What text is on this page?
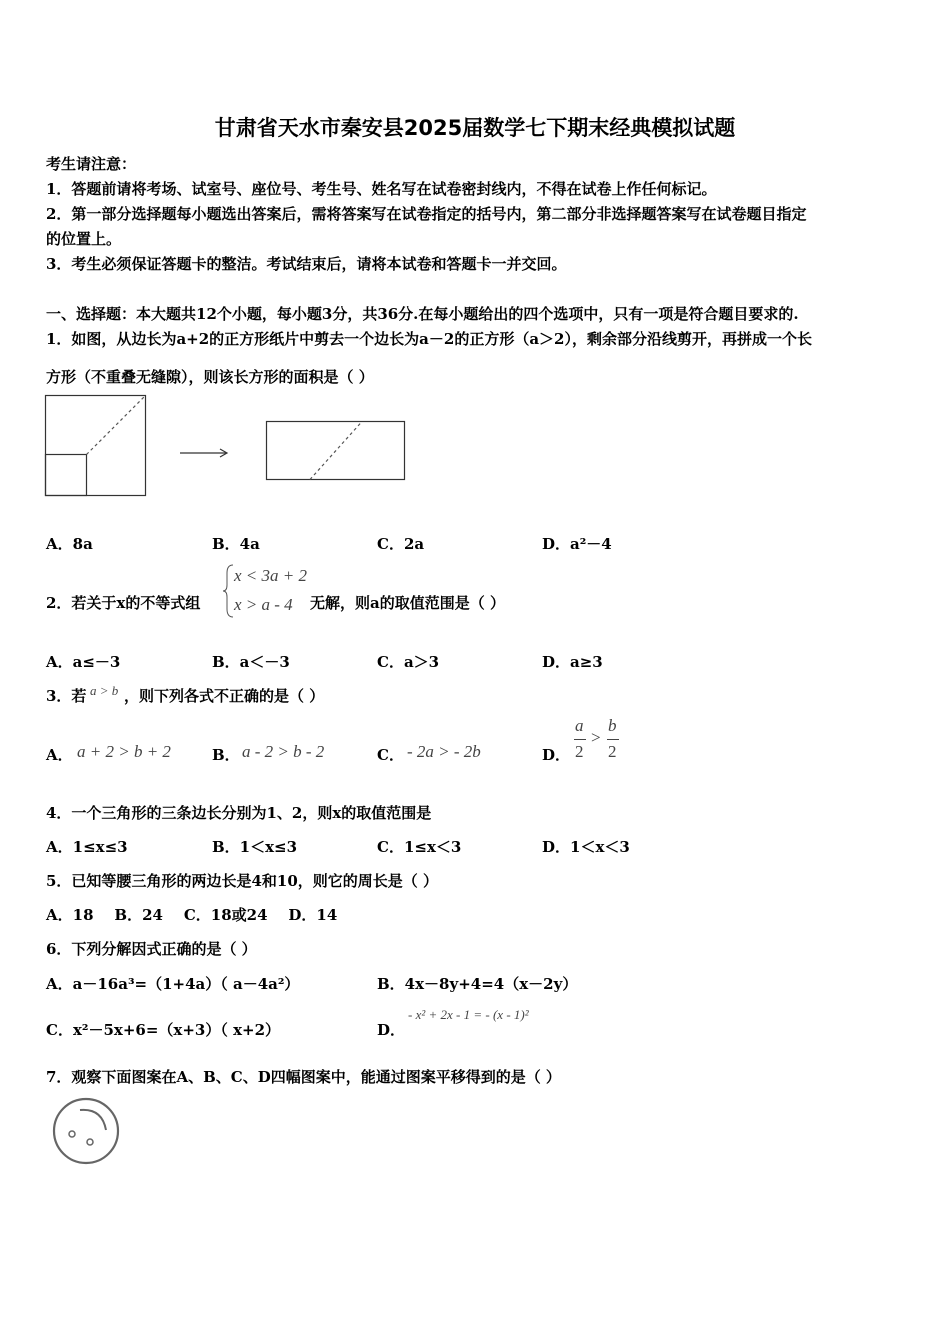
甘肃省天水市秦安县2025届数学七下期末经典模拟试题
考生请注意：
1．答题前请将考场、试室号、座位号、考生号、姓名写在试卷密封线内，不得在试卷上作任何标记。
2．第一部分选择题每小题选出答案后，需将答案写在试卷指定的括号内，第二部分非选择题答案写在试卷题目指定
的位置上。
3．考生必须保证答题卡的整洁。考试结束后，请将本试卷和答题卡一并交回。
一、选择题：本大题共12个小题，每小题3分，共36分.在每小题给出的四个选项中，只有一项是符合题目要求的.
1．如图，从边长为a+2的正方形纸片中剪去一个边长为a－2的正方形（a＞2），剩余部分沿线剪开，再拼成一个长
方形（不重叠无缝隙），则该长方形的面积是（ ）
A．8a	B．4a	C．2a	D．a²－4
2．若关于x的不等式组
x < 3a + 2
x > a - 4 无解，则a的取值范围是（ ）
A．a≤－3	B．a＜－3	C．a＞3	D．a≥3
3．若 a > b ，则下列各式不正确的是（ ）
A． a + 2 > b + 2	B． a - 2 > b - 2	C． - 2a > - 2b	D．
a
2
>
b
2
4．一个三角形的三条边长分别为1、2，则x的取值范围是
A．1≤x≤3	B．1＜x≤3	C．1≤x＜3	D．1＜x＜3
5．已知等腰三角形的两边长是4和10，则它的周长是（ ）
A．18    B．24    C．18或24    D．14
6．下列分解因式正确的是（ ）
A．a－16a³=（1+4a）（ a－4a²）	B．4x－8y+4=4（x－2y）
C．x²－5x+6=（x+3）（ x+2）	D．
- x² + 2x - 1 = - (x - 1)²
7．观察下面图案在A、B、C、D四幅图案中，能通过图案平移得到的是（ ）
